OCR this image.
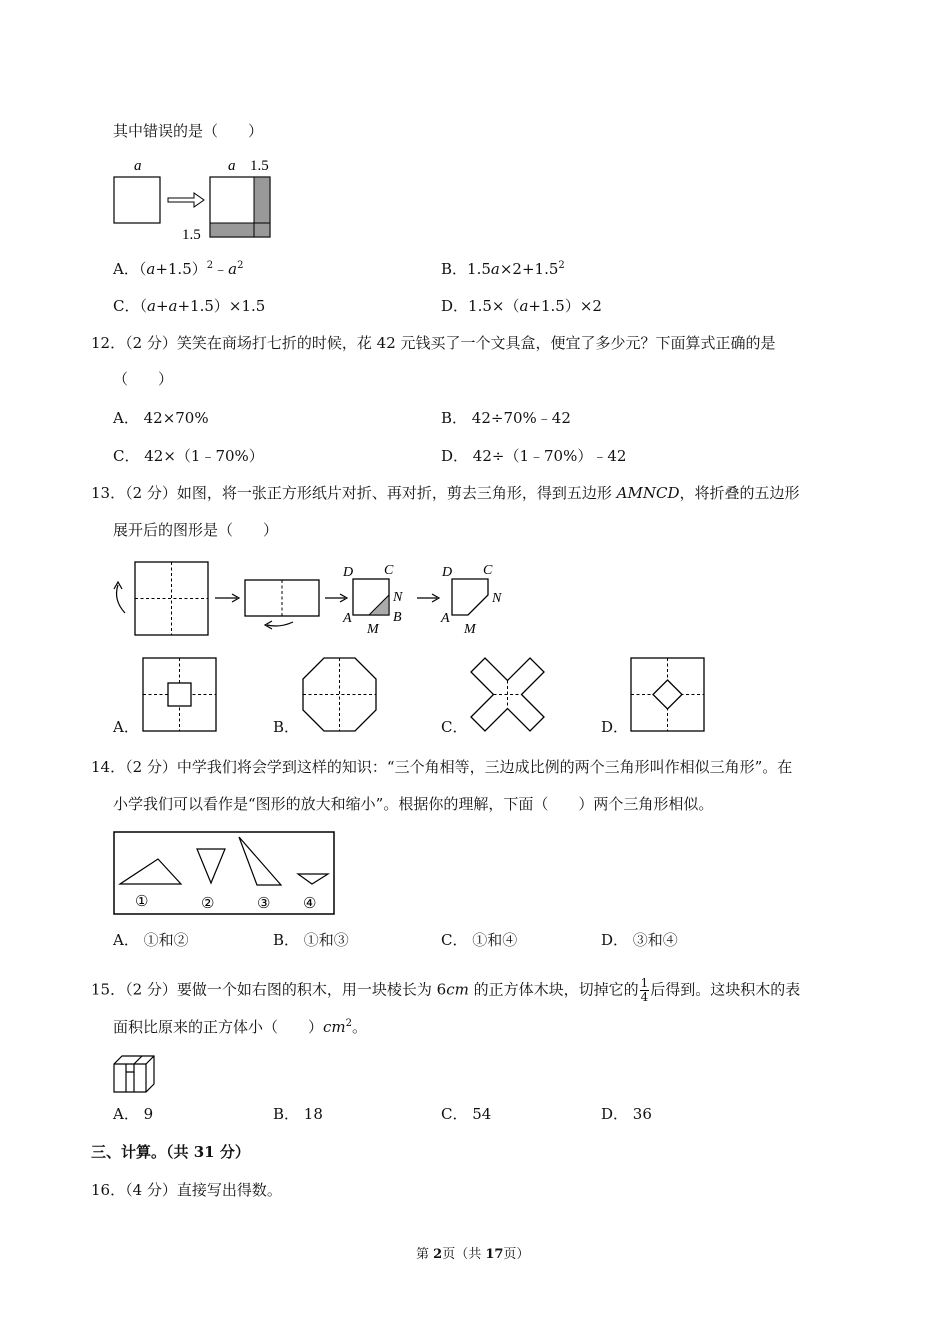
其中错误的是（　　）
a	a 1.5
1.5
A．$(a+1.5)^2﹣a^2$	B．$1.5a\times 2+1.5^2$
C．（a+a+1.5）×1.5	D．1.5×（a+1.5）×2
12．（2 分）笑笑在商场打七折的时候，花 42 元钱买了一个文具盒，便宜了多少元？下面算式正确的是
（　　）
A． 42×70%	B． 42÷70%﹣42
C． 42×（1﹣70%）	D． 42÷（1﹣70%）﹣42
13．（2 分）如图，将一张正方形纸片对折、再对折，剪去三角形，得到五边形 AMNCD，将折叠的五边形
展开后的图形是（　　）
D C
N
B
A
M
D C
N
A
M
A．	B．	C．	D．
14．（2 分）中学我们将会学到这样的知识：“三个角相等，三边成比例的两个三角形叫作相似三角形”。在
小学我们可以看作是“图形的放大和缩小”。根据你的理解，下面（　　）两个三角形相似。
①	②	③ ④
A． ①和②	B． ①和③	C． ①和④	D． ③和④
15．（2 分）要做一个如右图的积木，用一块棱长为 6cm 的正方体木块，切掉它的 $\frac{1}{4}$ 后得到。这块积木的表
面积比原来的正方体小（　　）$cm^2$。
A． 9	B． 18	C． 54	D． 36
三、计算。（共 31 分）
16．（4 分）直接写出得数。
第 2页（共 17页）
